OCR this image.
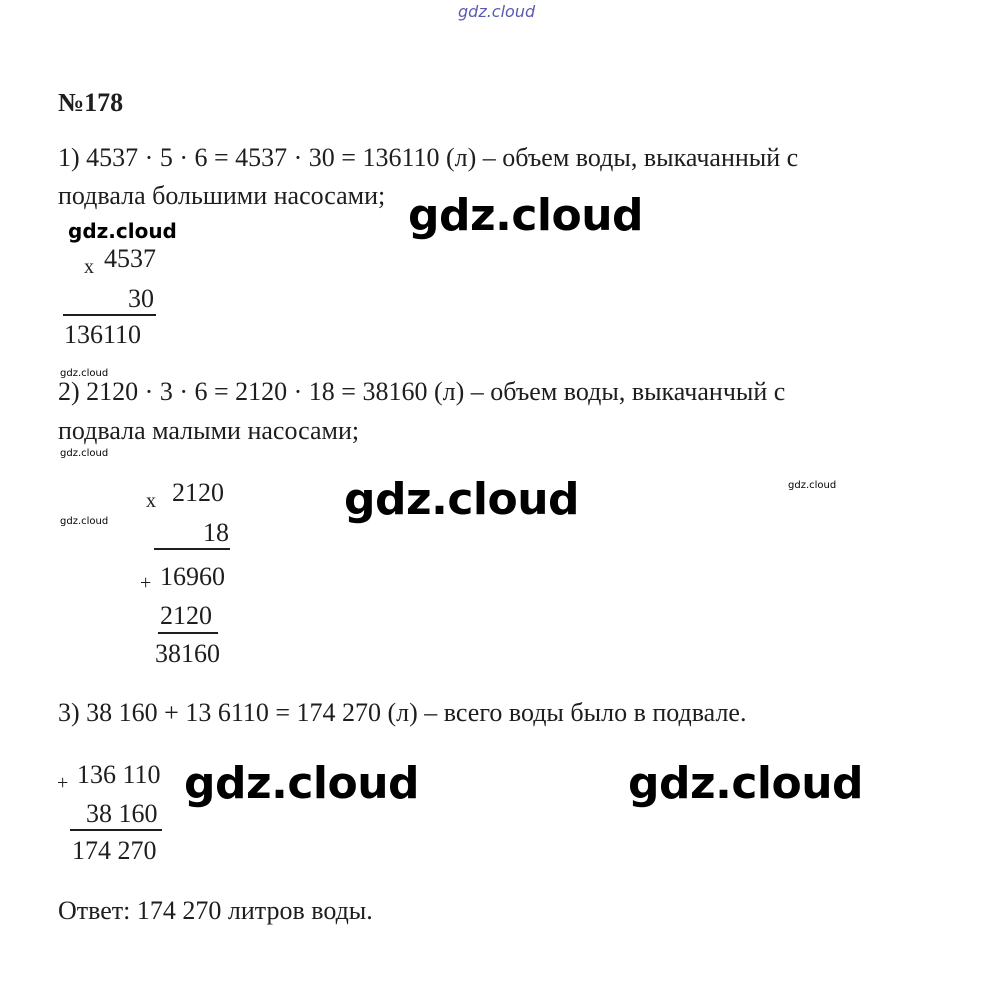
gdz.cloud
№178
1) 4537 · 5 · 6 = 4537 · 30 = 136110 (л) – объем воды, выкачанный с
подвала большими насосами; gdz.cloud
gdz.cloud
x 4537
30
136110
gdz.cloud
2) 2120 · 3 · 6 = 2120 · 18 = 38160 (л) – объем воды, выкачанчый с
подвала малыми насосами;
gdz.cloud
gdz.cloud
gdz.cloud	gdz.cloud
x 2120
18
+ 16960
2120
38160
3) 38 160 + 13 6110 = 174 270 (л) – всего воды было в подвале.
+ 136 110
38 160
174 270
gdz.cloud	gdz.cloud
Ответ: 174 270 литров воды.
